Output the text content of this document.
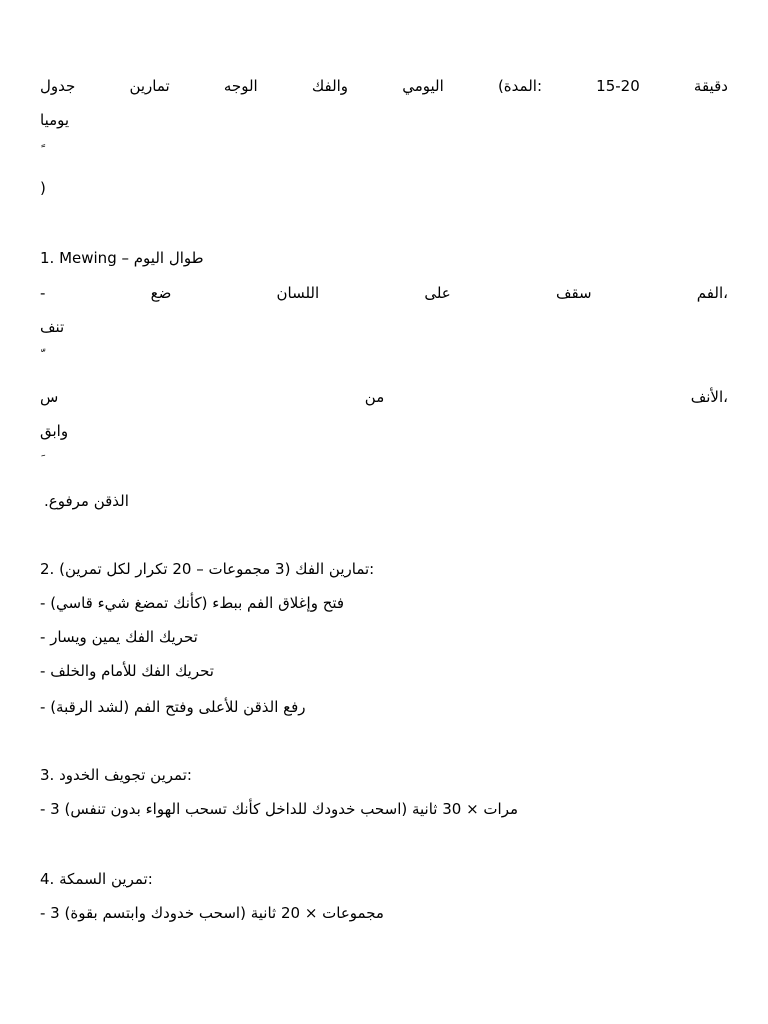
جدول	تمارين	الوجه	والفك	اليومي	(المدة:	15-20	دقيقة
يوميا
)
1. Mewing – طوال اليوم
-	ضع	اللسان	على	سقف	الفم،
تنف
س	من	الأنف،
وابق
الذقن مرفوع.
2. تمارين الفك (3 مجموعات – 20 تكرار لكل تمرين):
- فتح وإغلاق الفم ببطء (كأنك تمضغ شيء قاسي)
- تحريك الفك يمين ويسار
- تحريك الفك للأمام والخلف
- رفع الذقن للأعلى وفتح الفم (لشد الرقبة)
3. تمرين تجويف الخدود:
- 3 مرات × 30 ثانية (اسحب خدودك للداخل كأنك تسحب الهواء بدون تنفس)
4. تمرين السمكة:
- 3 مجموعات × 20 ثانية (اسحب خدودك وابتسم بقوة)
